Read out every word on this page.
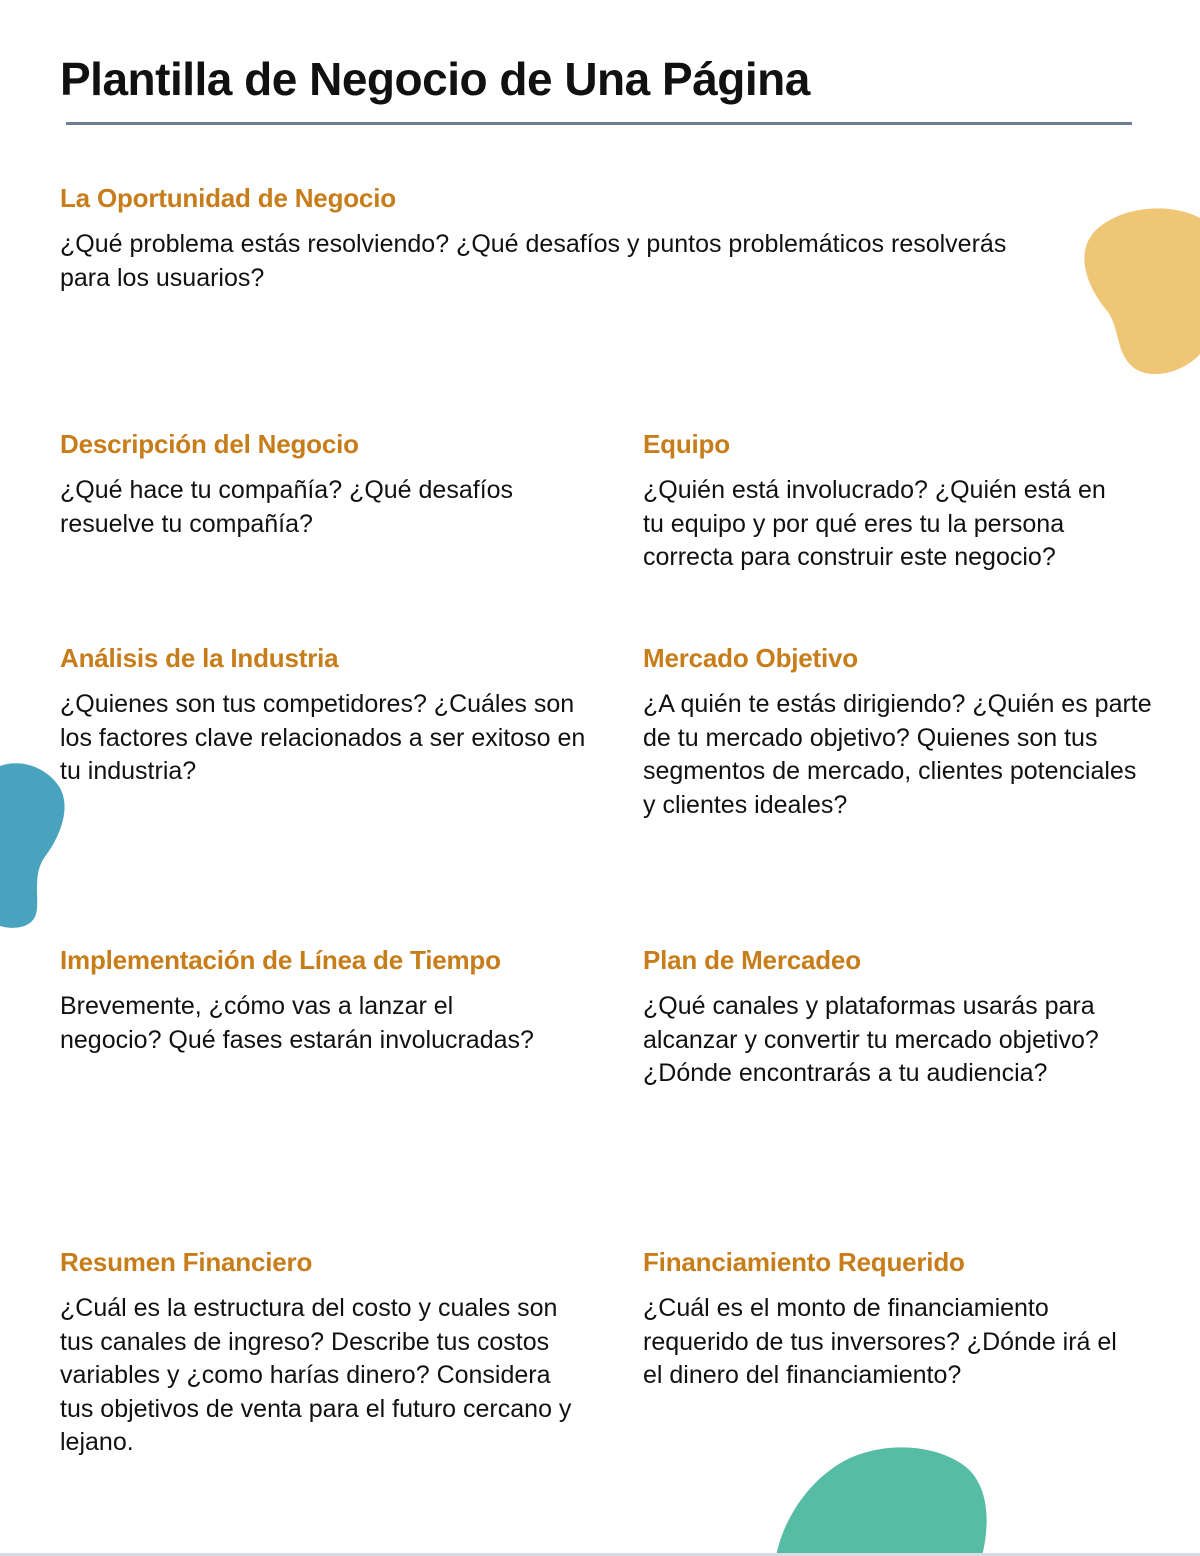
Plantilla de Negocio de Una Página
La Oportunidad de Negocio

¿Qué problema estás resolviendo? ¿Qué desafíos y puntos problemáticos resolverás para los usuarios?

Descripción del Negocio

¿Qué hace tu compañía? ¿Qué desafíos resuelve tu compañía?

Equipo

¿Quién está involucrado? ¿Quién está en tu equipo y por qué eres tu la persona correcta para construir este negocio?

Análisis de la Industria

¿Quienes son tus competidores? ¿Cuáles son los factores clave relacionados a ser exitoso en tu industria?

Mercado Objetivo

¿A quién te estás dirigiendo? ¿Quién es parte de tu mercado objetivo? Quienes son tus segmentos de mercado, clientes potenciales y clientes ideales?

Implementación de Línea de Tiempo

Brevemente, ¿cómo vas a lanzar el negocio? Qué fases estarán involucradas?

Plan de Mercadeo

¿Qué canales y plataformas usarás para alcanzar y convertir tu mercado objetivo? ¿Dónde encontrarás a tu audiencia?

Resumen Financiero

¿Cuál es la estructura del costo y cuales son tus canales de ingreso? Describe tus costos variables y ¿como harías dinero? Considera tus objetivos de venta para el futuro cercano y lejano.

Financiamiento Requerido

¿Cuál es el monto de financiamiento requerido de tus inversores? ¿Dónde irá el el dinero del financiamiento?
